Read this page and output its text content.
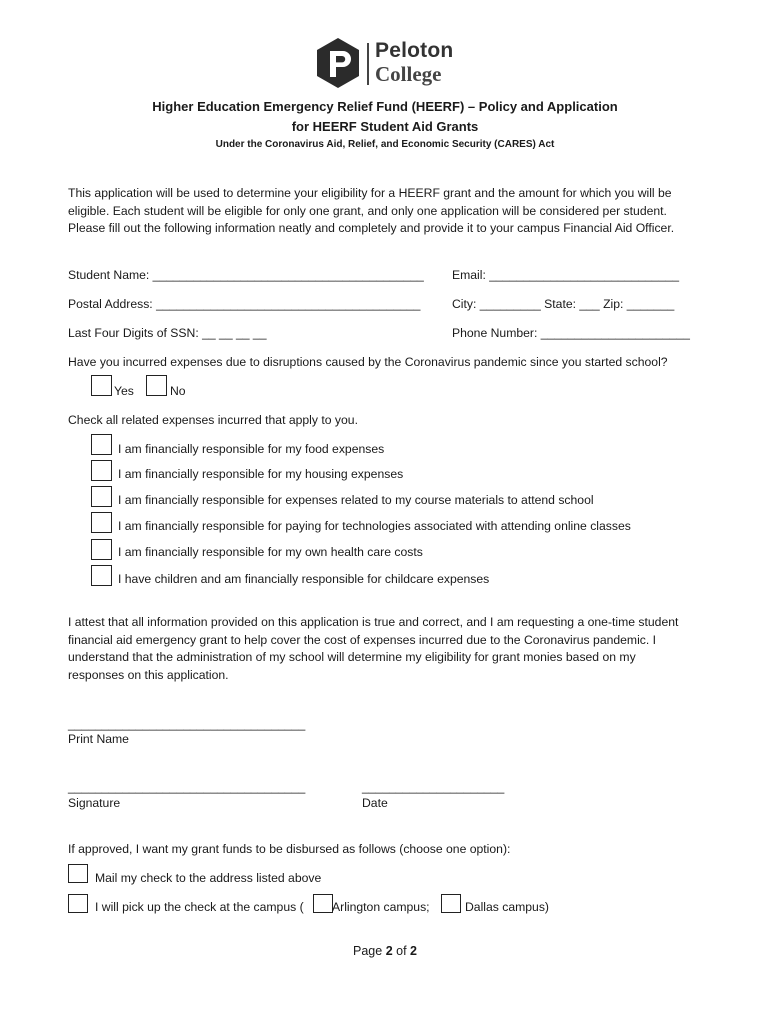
Peloton
College
Higher Education Emergency Relief Fund (HEERF) – Policy and Application
for HEERF Student Aid Grants
Under the Coronavirus Aid, Relief, and Economic Security (CARES) Act
This application will be used to determine your eligibility for a HEERF grant and the amount for which you will be
eligible. Each student will be eligible for only one grant, and only one application will be considered per student.
Please fill out the following information neatly and completely and provide it to your campus Financial Aid Officer.
Student Name: ________________________________________ Email: ____________________________
Postal Address: _______________________________________	City: _________ State: ___ Zip: _______
Last Four Digits of SSN: __ __ __ __	Phone Number: ______________________
Have you incurred expenses due to disruptions caused by the Coronavirus pandemic since you started school?
Yes	No
Check all related expenses incurred that apply to you.
I am financially responsible for my food expenses
I am financially responsible for my housing expenses
I am financially responsible for expenses related to my course materials to attend school
I am financially responsible for paying for technologies associated with attending online classes
I am financially responsible for my own health care costs
I have children and am financially responsible for childcare expenses
I attest that all information provided on this application is true and correct, and I am requesting a one-time student
financial aid emergency grant to help cover the cost of expenses incurred due to the Coronavirus pandemic. I
understand that the administration of my school will determine my eligibility for grant monies based on my
responses on this application.
___________________________________
Print Name
___________________________________
Signature
_____________________
Date
If approved, I want my grant funds to be disbursed as follows (choose one option):
Mail my check to the address listed above
I will pick up the check at the campus ( Arlington campus;	Dallas campus)
Page 2 of 2
